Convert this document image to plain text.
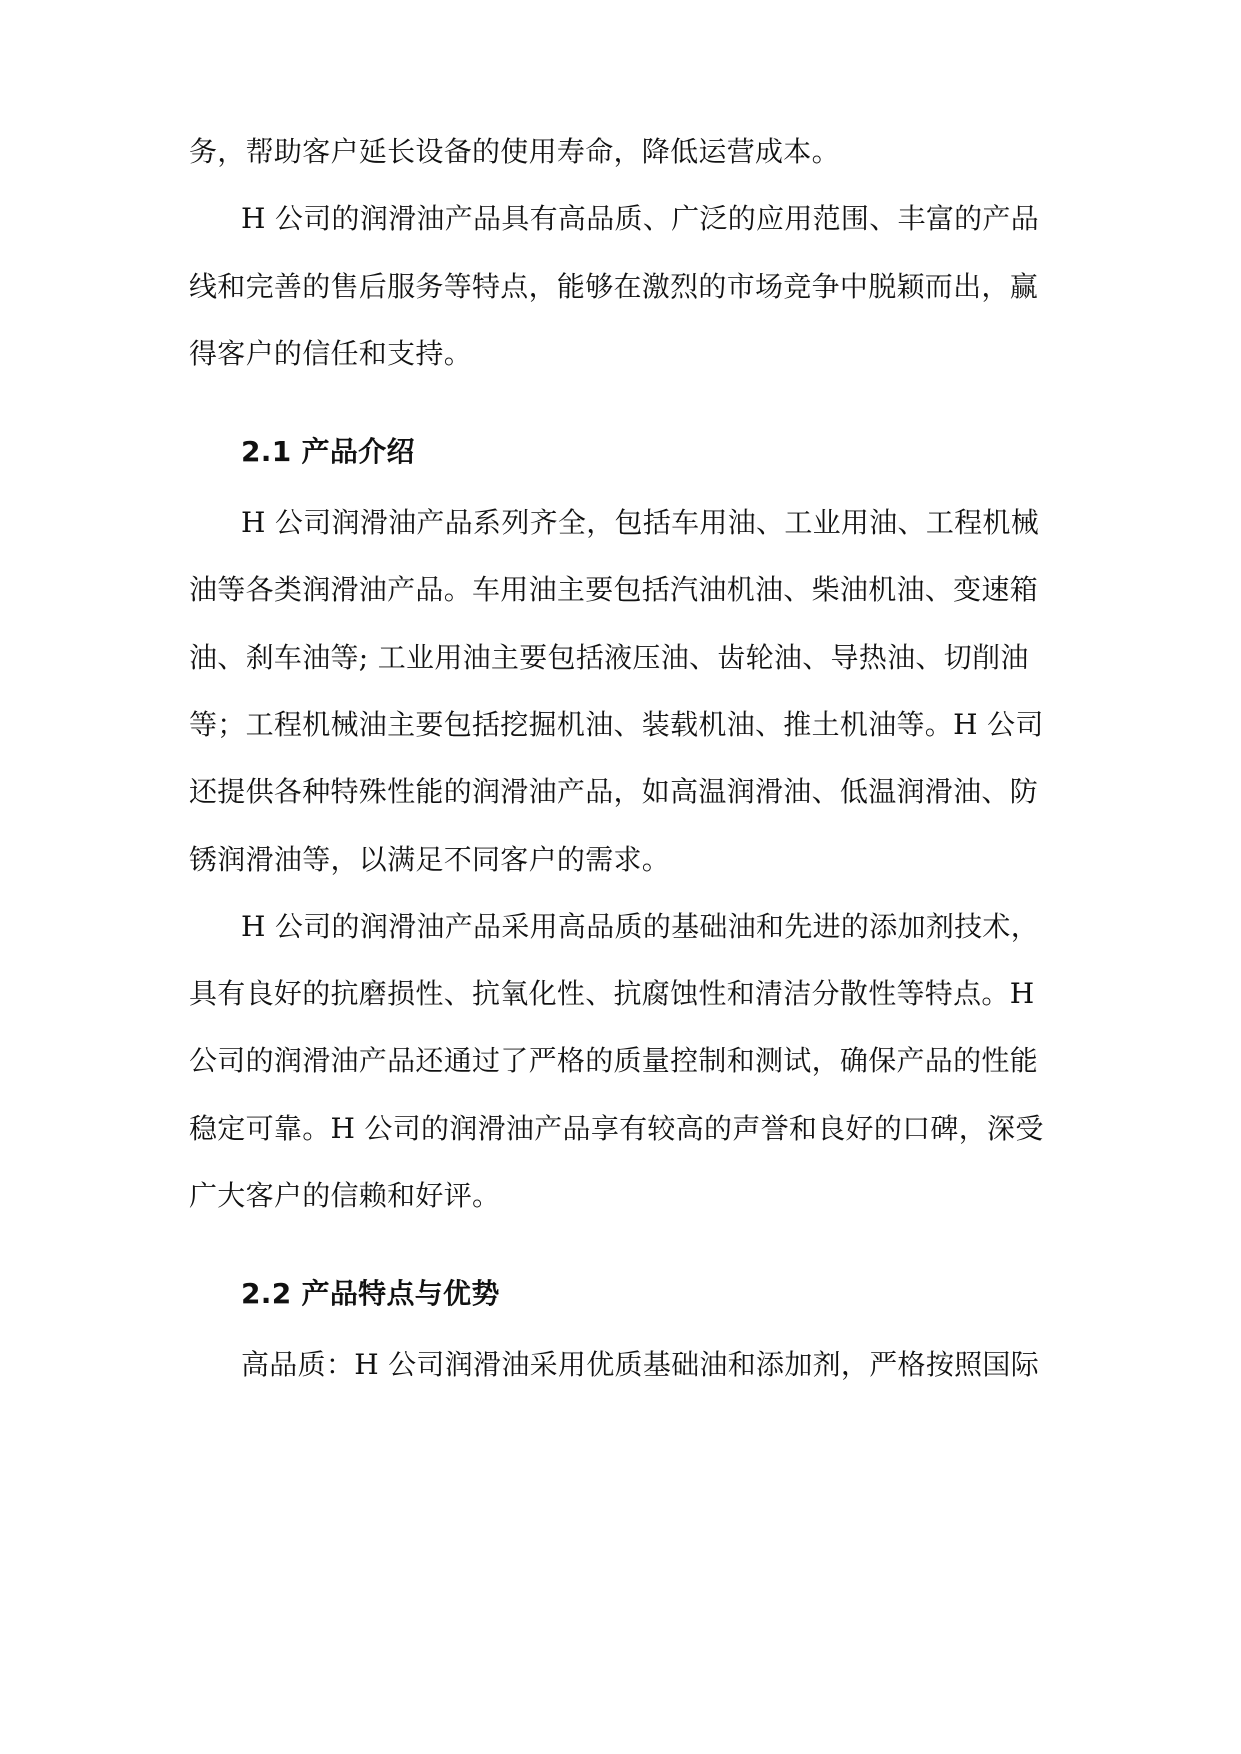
务，帮助客户延长设备的使用寿命，降低运营成本。
H 公司的润滑油产品具有高品质、广泛的应用范围、丰富的产品
线和完善的售后服务等特点，能够在激烈的市场竞争中脱颖而出，赢
得客户的信任和支持。
2.1 产品介绍
H 公司润滑油产品系列齐全，包括车用油、工业用油、工程机械
油等各类润滑油产品。车用油主要包括汽油机油、柴油机油、变速箱
油、刹车油等; 工业用油主要包括液压油、齿轮油、导热油、切削油
等；工程机械油主要包括挖掘机油、装载机油、推土机油等。H 公司
还提供各种特殊性能的润滑油产品，如高温润滑油、低温润滑油、防
锈润滑油等，以满足不同客户的需求。
H 公司的润滑油产品采用高品质的基础油和先进的添加剂技术，
具有良好的抗磨损性、抗氧化性、抗腐蚀性和清洁分散性等特点。H
公司的润滑油产品还通过了严格的质量控制和测试，确保产品的性能
稳定可靠。H 公司的润滑油产品享有较高的声誉和良好的口碑，深受
广大客户的信赖和好评。
2.2 产品特点与优势
高品质：H 公司润滑油采用优质基础油和添加剂，严格按照国际
